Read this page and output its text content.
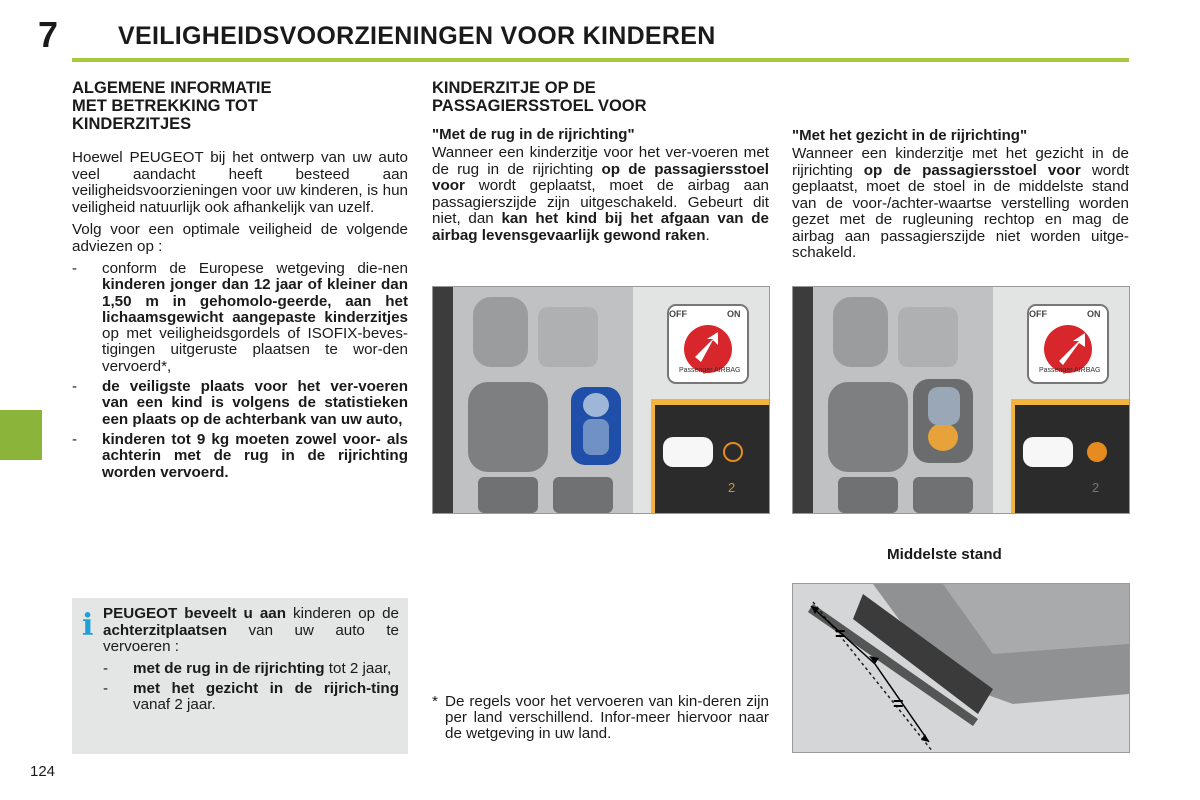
7 VEILIGHEIDSVOORZIENINGEN VOOR KINDEREN
ALGEMENE INFORMATIE
MET BETREKKING TOT
KINDERZITJES

Hoewel PEUGEOT bij het ontwerp van uw auto veel aandacht heeft besteed aan veiligheidsvoorzieningen voor uw kinderen, is hun veiligheid natuurlijk ook afhankelijk van uzelf.

Volg voor een optimale veiligheid de volgende adviezen op :

- conform de Europese wetgeving die-nen kinderen jonger dan 12 jaar of kleiner dan 1,50 m in gehomolo-geerde, aan het lichaamsgewicht aangepaste kinderzitjes op met veiligheidsgordels of ISOFIX-beves-tigingen uitgeruste plaatsen te wor-den vervoerd*,
- de veiligste plaats voor het ver-voeren van een kind is volgens de statistieken een plaats op de achterbank van uw auto,
- kinderen tot 9 kg moeten zowel voor- als achterin met de rug in de rijrichting worden vervoerd.
i PEUGEOT beveelt u aan kinderen op de achterzitplaatsen van uw auto te vervoeren :

- met de rug in de rijrichting tot 2 jaar,
- met het gezicht in de rijrich-ting vanaf 2 jaar.
KINDERZITJE OP DE
PASSAGIERSSTOEL VOOR
"Met de rug in de rijrichting"

Wanneer een kinderzitje voor het ver-voeren met de rug in de rijrichting op de passagiersstoel voor wordt geplaatst, moet de airbag aan passagierszijde zijn uitgeschakeld. Gebeurt dit niet, dan kan het kind bij het afgaan van de airbag levensgevaarlijk gewond raken.

"Met het gezicht in de rijrichting"

Wanneer een kinderzitje met het gezicht in de rijrichting op de passagiersstoel voor wordt geplaatst, moet de stoel in de middelste stand van de voor-/achter-waartse verstelling worden gezet met de rugleuning rechtop en mag de airbag aan passagierszijde niet worden uitge-schakeld.

2
OFF	ON
Passenger AIRBAG
2
OFF	ON
Passenger AIRBAG
Middelste stand
=
=
* De regels voor het vervoeren van kin-deren zijn per land verschillend. Infor-meer hiervoor naar de wetgeving in uw land.
124
